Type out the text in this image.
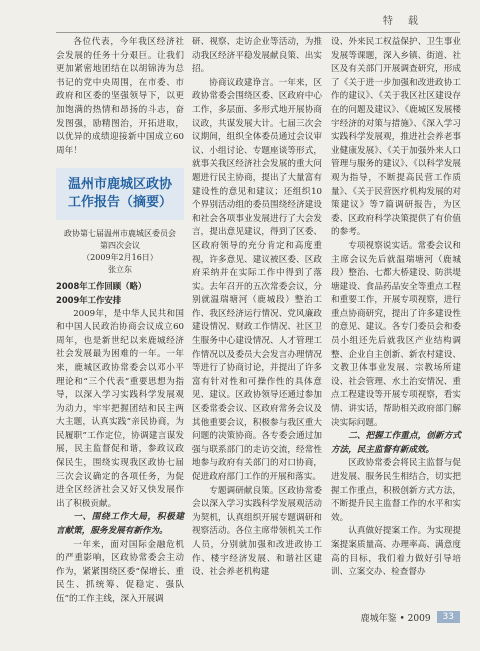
特 载

各位代表，今年我区经济社会发展的任务十分艰巨。让我们更加紧密地团结在以胡锦涛为总书记的党中央周围，在市委、市政府和区委的坚强领导下，以更加饱满的热情和昂扬的斗志，奋发图强，励精图治，开拓进取，以优异的成绩迎接新中国成立60周年！

温州市鹿城区政协工作报告（摘要）
政协第七届温州市鹿城区委员会
第四次会议
（2009年2月16日）
张立东

2008年工作回顾（略）

2009年工作安排

2009年，是中华人民共和国和中国人民政治协商会议成立60周年，也是新世纪以来鹿城经济社会发展最为困难的一年。一年来，鹿城区政协常委会以邓小平理论和“三个代表”重要思想为指导，以深入学习实践科学发展观为动力，牢牢把握团结和民主两大主题，认真实践“亲民协商，为民履职”工作定位，协调建言谋发展，民主监督促和谐，参政议政保民生，围绕实现我区政协七届三次会议确定的各项任务，为促进全区经济社会又好又快发展作出了积极贡献。

一、围绕工作大局，积极建言献策，服务发展有新作为。

一年来，面对国际金融危机的严重影响，区政协常委会主动作为，紧紧围绕区委“保增长、重民生、抓统筹、促稳定、强队伍”的工作主线，深入开展调

研、视察、走访企业等活动，为推动我区经济平稳发展献良策、出实招。

协商议政建诤言。一年来，区政协常委会围绕区委、区政府中心工作，多层面、多形式地开展协商议政，共谋发展大计。七届三次会议期间，组织全体委员通过会议审议、小组讨论、专题座谈等形式，就事关我区经济社会发展的重大问题进行民主协商，提出了大量富有建设性的意见和建议；还组织10个界别活动组的委员围绕经济建设和社会各项事业发展进行了大会发言，提出意见建议，得到了区委、区政府领导的充分肯定和高度重视，许多意见、建议被区委、区政府采纳并在实际工作中得到了落实。去年召开的五次常委会议，分别就温瑞塘河（鹿城段）整治工作、我区经济运行情况、党风廉政建设情况、财政工作情况、社区卫生服务中心建设情况、人才管理工作情况以及委员大会发言办理情况等进行了协商讨论，并提出了许多富有针对性和可操作性的具体意见、建议。区政协领导还通过参加区委常委会议、区政府常务会议及其他重要会议，积极参与我区重大问题的决策协商。各专委会通过加强与联系部门的走访交流，经常性地参与政府有关部门的对口协商，促进政府部门工作的开展和落实。

专题调研献良策。区政协常委会以深入学习实践科学发展观活动为契机，认真组织开展专题调研和视察活动。各位主席带领机关工作人员，分别就加强和改进政协工作、楼宇经济发展、和谐社区建设、社会养老机构建

设、外来民工权益保护、卫生事业发展等课题，深入乡镇、街道、社区及有关部门开展调查研究，形成了《关于进一步加强和改进政协工作的建议》、《关于我区社区建设存在的问题及建议》、《鹿城区发展楼宇经济的对策与措施》、《深入学习实践科学发展观，推进社会养老事业健康发展》、《关于加强外来人口管理与服务的建议》、《以科学发展观为指导，不断提高民营工作质量》、《关于民营医疗机构发展的对策建议》等7篇调研报告，为区委、区政府科学决策提供了有价值的参考。

专项视察说实话。常委会议和主席会议先后就温瑞塘河（鹿城段）整治、七都大桥建设、防洪堤塘建设、食品药品安全等重点工程和重要工作，开展专项视察，进行重点协商研究，提出了许多建设性的意见、建议。各专门委员会和委员小组还先后就我区产业结构调整、企业自主创新、新农村建设、文教卫体事业发展、宗教场所建设、社会管理、水土治安情况、重点工程建设等开展专项视察，看实情、讲实话，帮助相关政府部门解决实际问题。

二、把握工作重点，创新方式方法，民主监督有新成效。

区政协常委会将民主监督与促进发展、服务民生相结合，切实把握工作重点，积极创新方式方法，不断提升民主监督工作的水平和实效。

认真做好提案工作。为实现提案提案质量高、办理率高、满意度高的目标，我们着力做好引导培训、立案交办、检查督办

鹿城年鉴 • 2009	33
